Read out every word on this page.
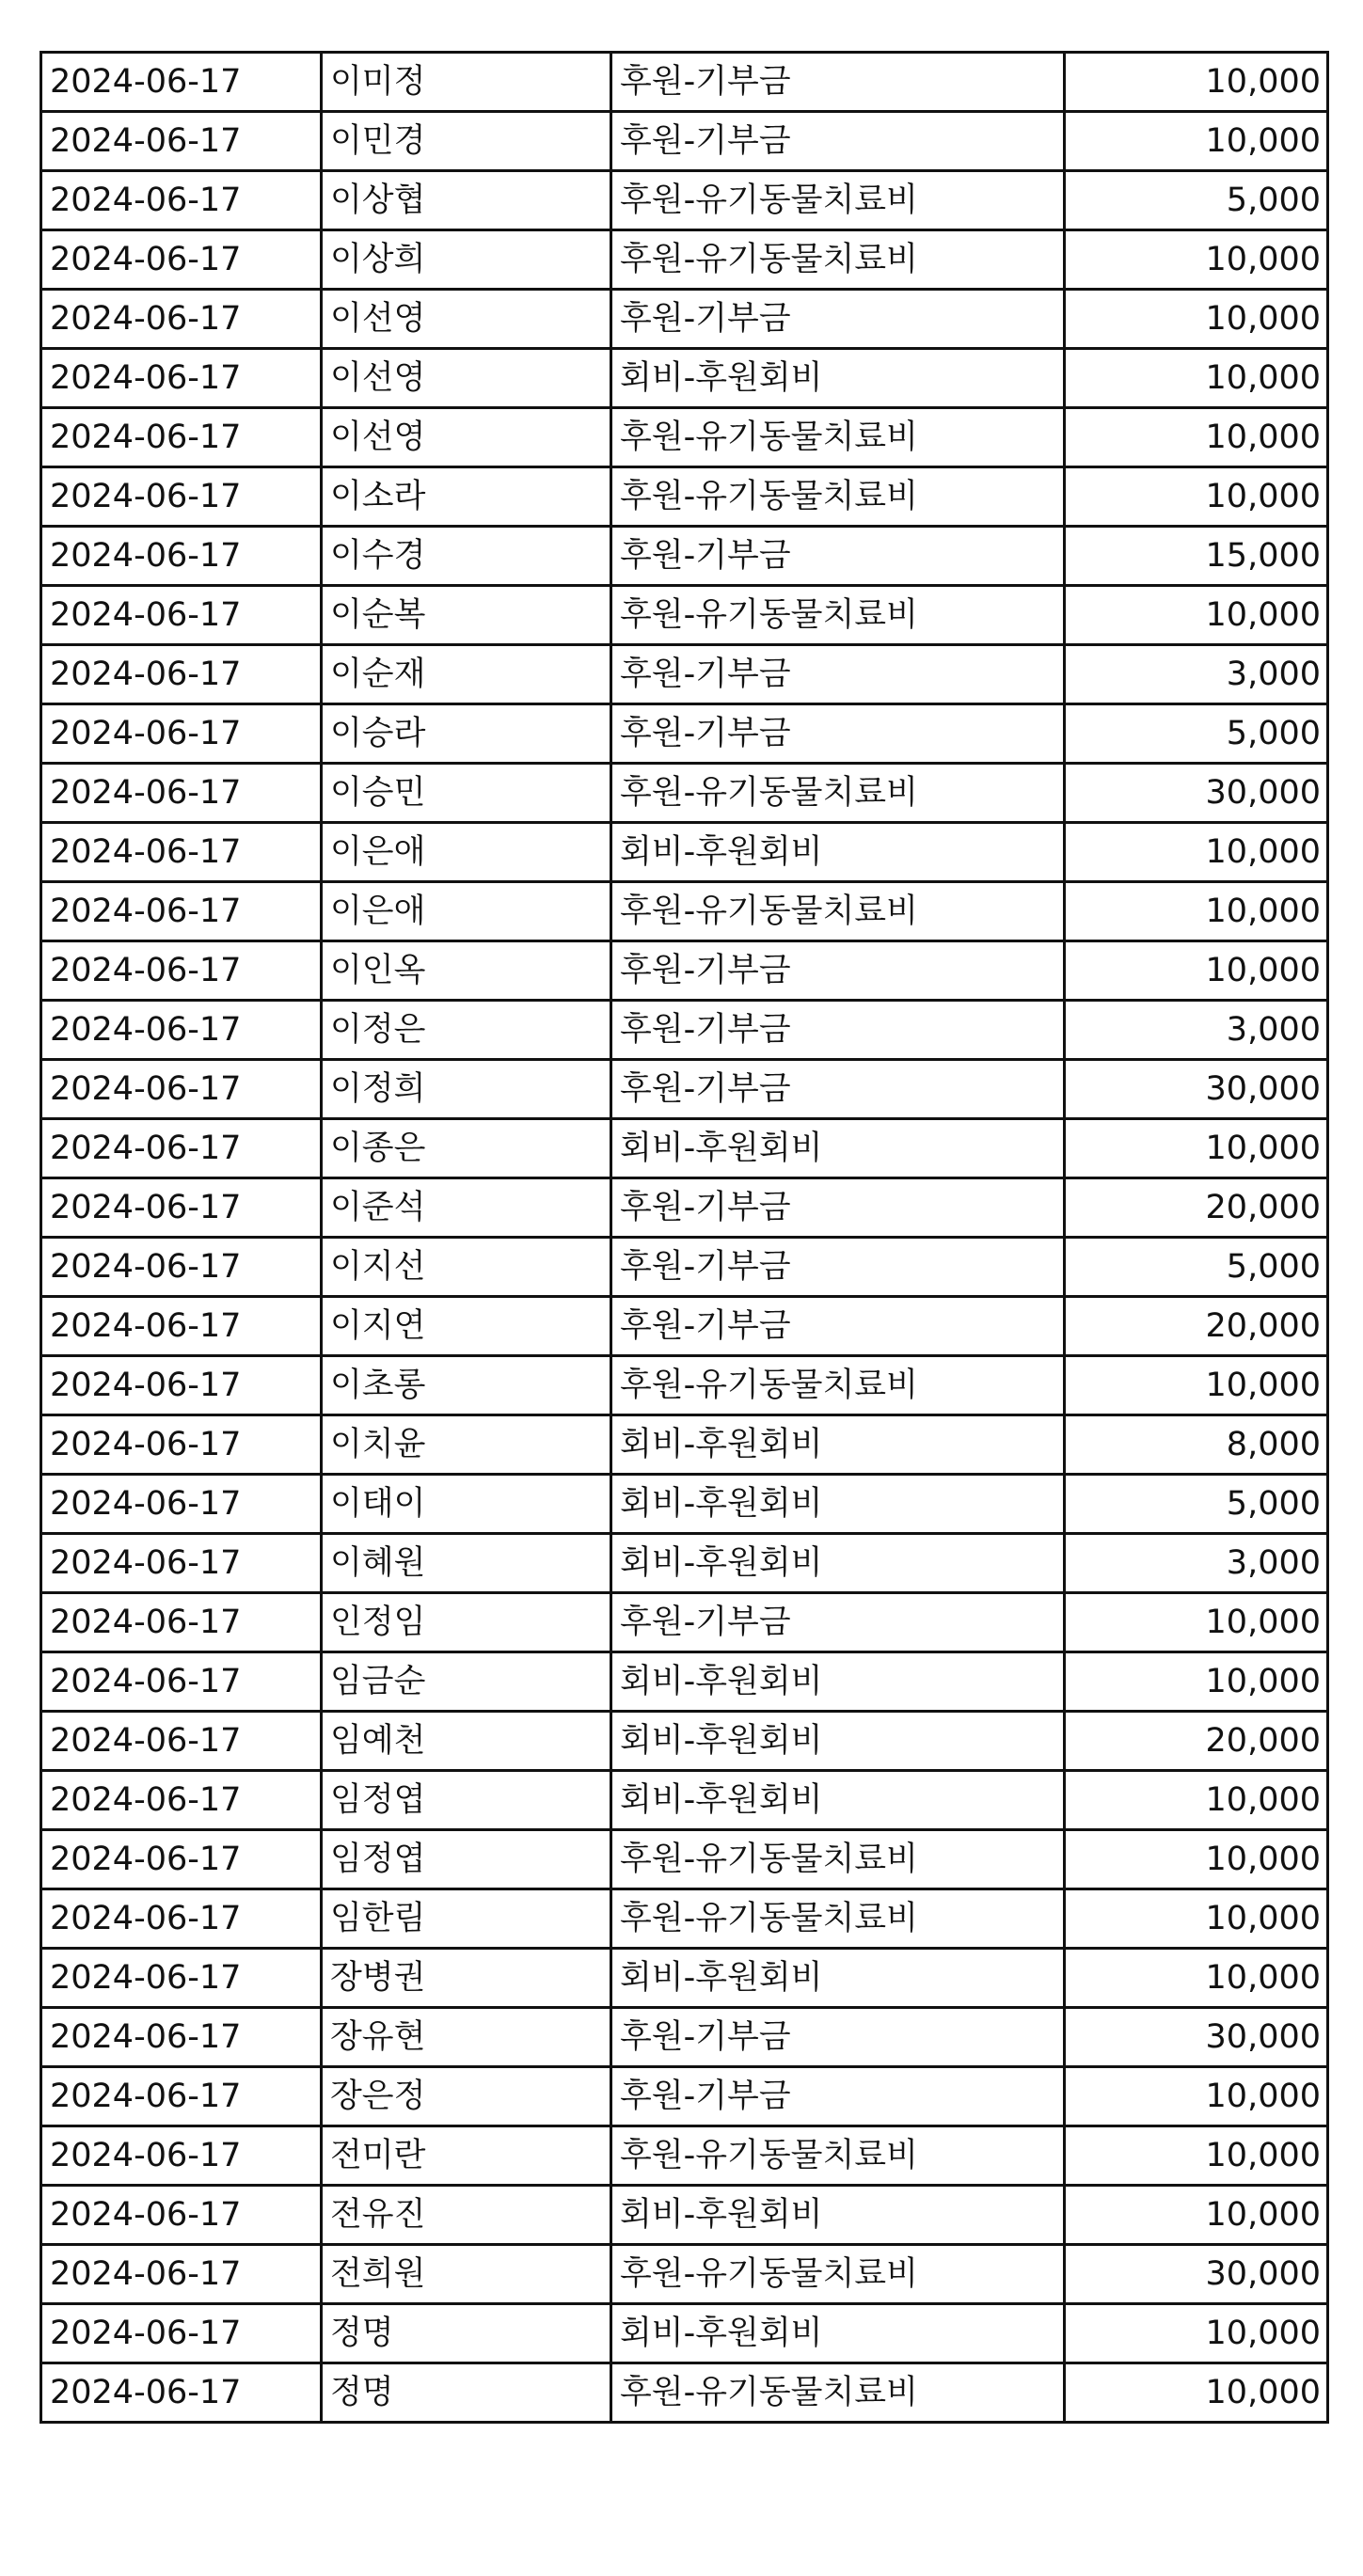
2024-06-17	이미정	후원-기부금	10,000
2024-06-17	이민경	후원-기부금	10,000
2024-06-17	이상협	후원-유기동물치료비	5,000
2024-06-17	이상희	후원-유기동물치료비	10,000
2024-06-17	이선영	후원-기부금	10,000
2024-06-17	이선영	회비-후원회비	10,000
2024-06-17	이선영	후원-유기동물치료비	10,000
2024-06-17	이소라	후원-유기동물치료비	10,000
2024-06-17	이수경	후원-기부금	15,000
2024-06-17	이순복	후원-유기동물치료비	10,000
2024-06-17	이순재	후원-기부금	3,000
2024-06-17	이승라	후원-기부금	5,000
2024-06-17	이승민	후원-유기동물치료비	30,000
2024-06-17	이은애	회비-후원회비	10,000
2024-06-17	이은애	후원-유기동물치료비	10,000
2024-06-17	이인옥	후원-기부금	10,000
2024-06-17	이정은	후원-기부금	3,000
2024-06-17	이정희	후원-기부금	30,000
2024-06-17	이종은	회비-후원회비	10,000
2024-06-17	이준석	후원-기부금	20,000
2024-06-17	이지선	후원-기부금	5,000
2024-06-17	이지연	후원-기부금	20,000
2024-06-17	이초롱	후원-유기동물치료비	10,000
2024-06-17	이치윤	회비-후원회비	8,000
2024-06-17	이태이	회비-후원회비	5,000
2024-06-17	이혜원	회비-후원회비	3,000
2024-06-17	인정임	후원-기부금	10,000
2024-06-17	임금순	회비-후원회비	10,000
2024-06-17	임예천	회비-후원회비	20,000
2024-06-17	임정엽	회비-후원회비	10,000
2024-06-17	임정엽	후원-유기동물치료비	10,000
2024-06-17	임한림	후원-유기동물치료비	10,000
2024-06-17	장병권	회비-후원회비	10,000
2024-06-17	장유현	후원-기부금	30,000
2024-06-17	장은정	후원-기부금	10,000
2024-06-17	전미란	후원-유기동물치료비	10,000
2024-06-17	전유진	회비-후원회비	10,000
2024-06-17	전희원	후원-유기동물치료비	30,000
2024-06-17	정명	회비-후원회비	10,000
2024-06-17	정명	후원-유기동물치료비	10,000
